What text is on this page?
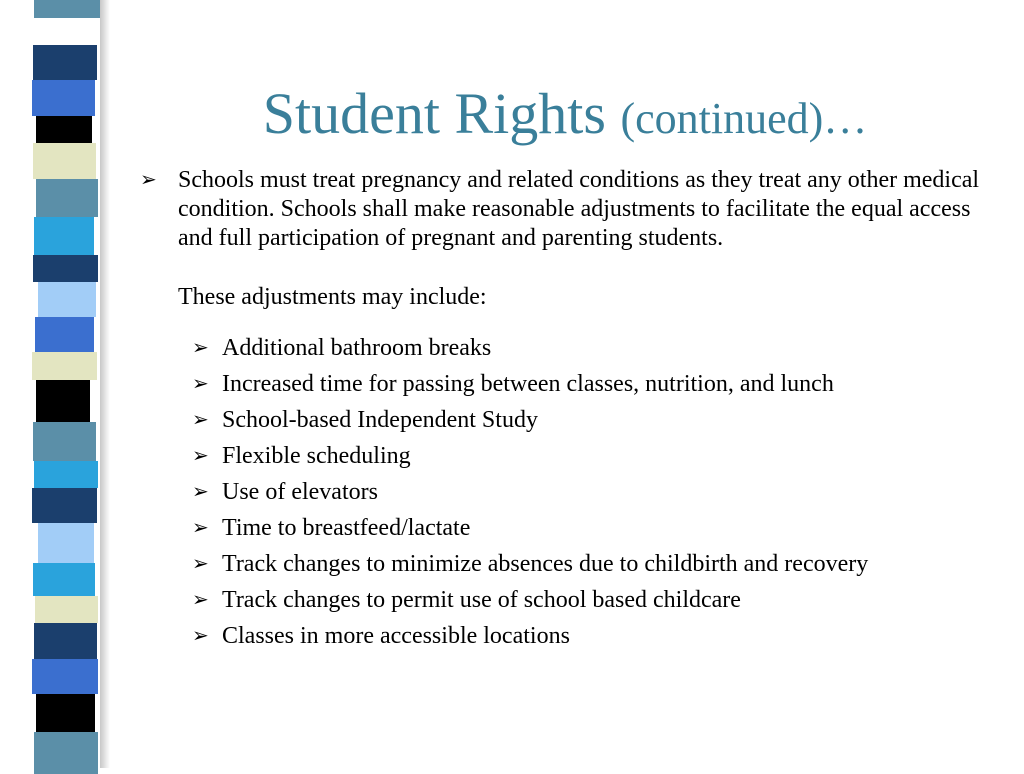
Student Rights (continued)…
➢ Schools must treat pregnancy and related conditions as they treat any other medical condition. Schools shall make reasonable adjustments to facilitate the equal access and full participation of pregnant and parenting students.
These adjustments may include:
➢ Additional bathroom breaks
➢ Increased time for passing between classes, nutrition, and lunch
➢ School-based Independent Study
➢ Flexible scheduling
➢ Use of elevators
➢ Time to breastfeed/lactate
➢ Track changes to minimize absences due to childbirth and recovery
➢ Track changes to permit use of school based childcare
➢ Classes in more accessible locations
